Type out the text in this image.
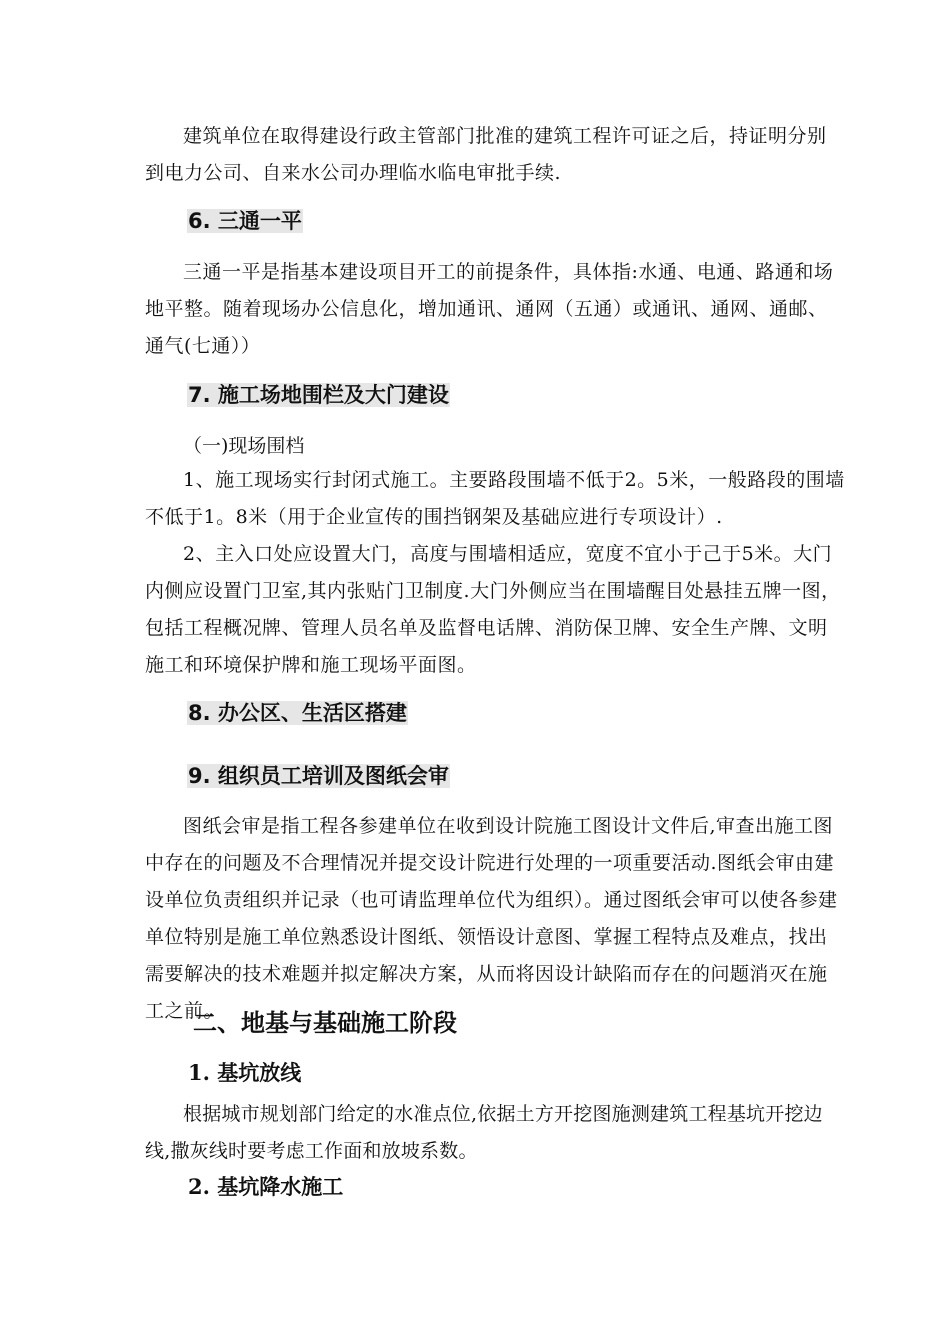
建筑单位在取得建设行政主管部门批准的建筑工程许可证之后，持证明分别到电力公司、自来水公司办理临水临电审批手续.

6. 三通一平

三通一平是指基本建设项目开工的前提条件，具体指:水通、电通、路通和场地平整。随着现场办公信息化，增加通讯、通网（五通）或通讯、通网、通邮、通气(七通））

7. 施工场地围栏及大门建设

（一)现场围档

1、施工现场实行封闭式施工。主要路段围墙不低于2。5米，一般路段的围墙不低于1。8米（用于企业宣传的围挡钢架及基础应进行专项设计）.

2、主入口处应设置大门，高度与围墙相适应，宽度不宜小于己于5米。大门内侧应设置门卫室,其内张贴门卫制度.大门外侧应当在围墙醒目处悬挂五牌一图，包括工程概况牌、管理人员名单及监督电话牌、消防保卫牌、安全生产牌、文明施工和环境保护牌和施工现场平面图。

8. 办公区、生活区搭建
9. 组织员工培训及图纸会审

图纸会审是指工程各参建单位在收到设计院施工图设计文件后,审查出施工图中存在的问题及不合理情况并提交设计院进行处理的一项重要活动.图纸会审由建设单位负责组织并记录（也可请监理单位代为组织）。通过图纸会审可以使各参建单位特别是施工单位熟悉设计图纸、领悟设计意图、掌握工程特点及难点，找出需要解决的技术难题并拟定解决方案，从而将因设计缺陷而存在的问题消灭在施工之前。

二、地基与基础施工阶段
1. 基坑放线

根据城市规划部门给定的水准点位,依据土方开挖图施测建筑工程基坑开挖边线,撒灰线时要考虑工作面和放坡系数。

2. 基坑降水施工
